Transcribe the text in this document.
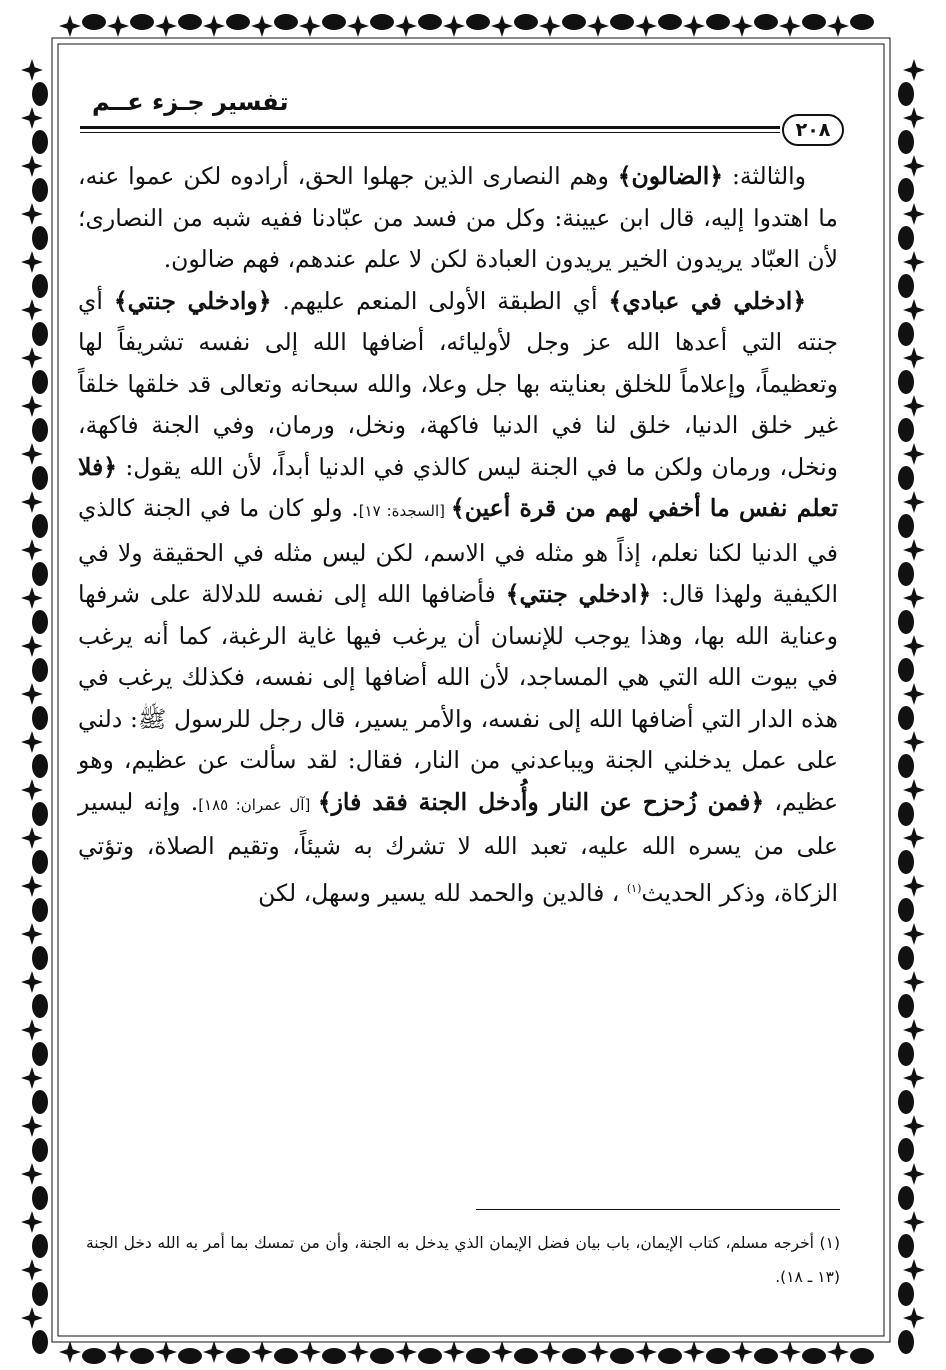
تفسير جـزء عــم
٢٠٨

والثالثة: ﴿الضالون﴾ وهم النصارى الذين جهلوا الحق، أرادوه لكن عموا عنه، ما اهتدوا إليه، قال ابن عيينة: وكل من فسد من عبّادنا ففيه شبه من النصارى؛ لأن العبّاد يريدون الخير يريدون العبادة لكن لا علم عندهم، فهم ضالون.

﴿ادخلي في عبادي﴾ أي الطبقة الأولى المنعم عليهم. ﴿وادخلي جنتي﴾ أي جنته التي أعدها الله عز وجل لأوليائه، أضافها الله إلى نفسه تشريفاً لها وتعظيماً، وإعلاماً للخلق بعنايته بها جل وعلا، والله سبحانه وتعالى قد خلقها خلقاً غير خلق الدنيا، خلق لنا في الدنيا فاكهة، ونخل، ورمان، وفي الجنة فاكهة، ونخل، ورمان ولكن ما في الجنة ليس كالذي في الدنيا أبداً، لأن الله يقول: ﴿فلا تعلم نفس ما أخفي لهم من قرة أعين﴾ [السجدة: ١٧]. ولو كان ما في الجنة كالذي في الدنيا لكنا نعلم، إذاً هو مثله في الاسم، لكن ليس مثله في الحقيقة ولا في الكيفية ولهذا قال: ﴿ادخلي جنتي﴾ فأضافها الله إلى نفسه للدلالة على شرفها وعناية الله بها، وهذا يوجب للإنسان أن يرغب فيها غاية الرغبة، كما أنه يرغب في بيوت الله التي هي المساجد، لأن الله أضافها إلى نفسه، فكذلك يرغب في هذه الدار التي أضافها الله إلى نفسه، والأمر يسير، قال رجل للرسول ﷺ: دلني على عمل يدخلني الجنة ويباعدني من النار، فقال: لقد سألت عن عظيم، وهو عظيم، ﴿فمن زُحزح عن النار وأُدخل الجنة فقد فاز﴾ [آل عمران: ١٨٥]. وإنه ليسير على من يسره الله عليه، تعبد الله لا تشرك به شيئاً، وتقيم الصلاة، وتؤتي الزكاة، وذكر الحديث$^{(١)}$ ، فالدين والحمد لله يسير وسهل، لكن

(١) أخرجه مسلم، كتاب الإيمان، باب بيان فضل الإيمان الذي يدخل به الجنة، وأن من تمسك بما أمر به الله دخل الجنة (١٣ ـ ١٨).
